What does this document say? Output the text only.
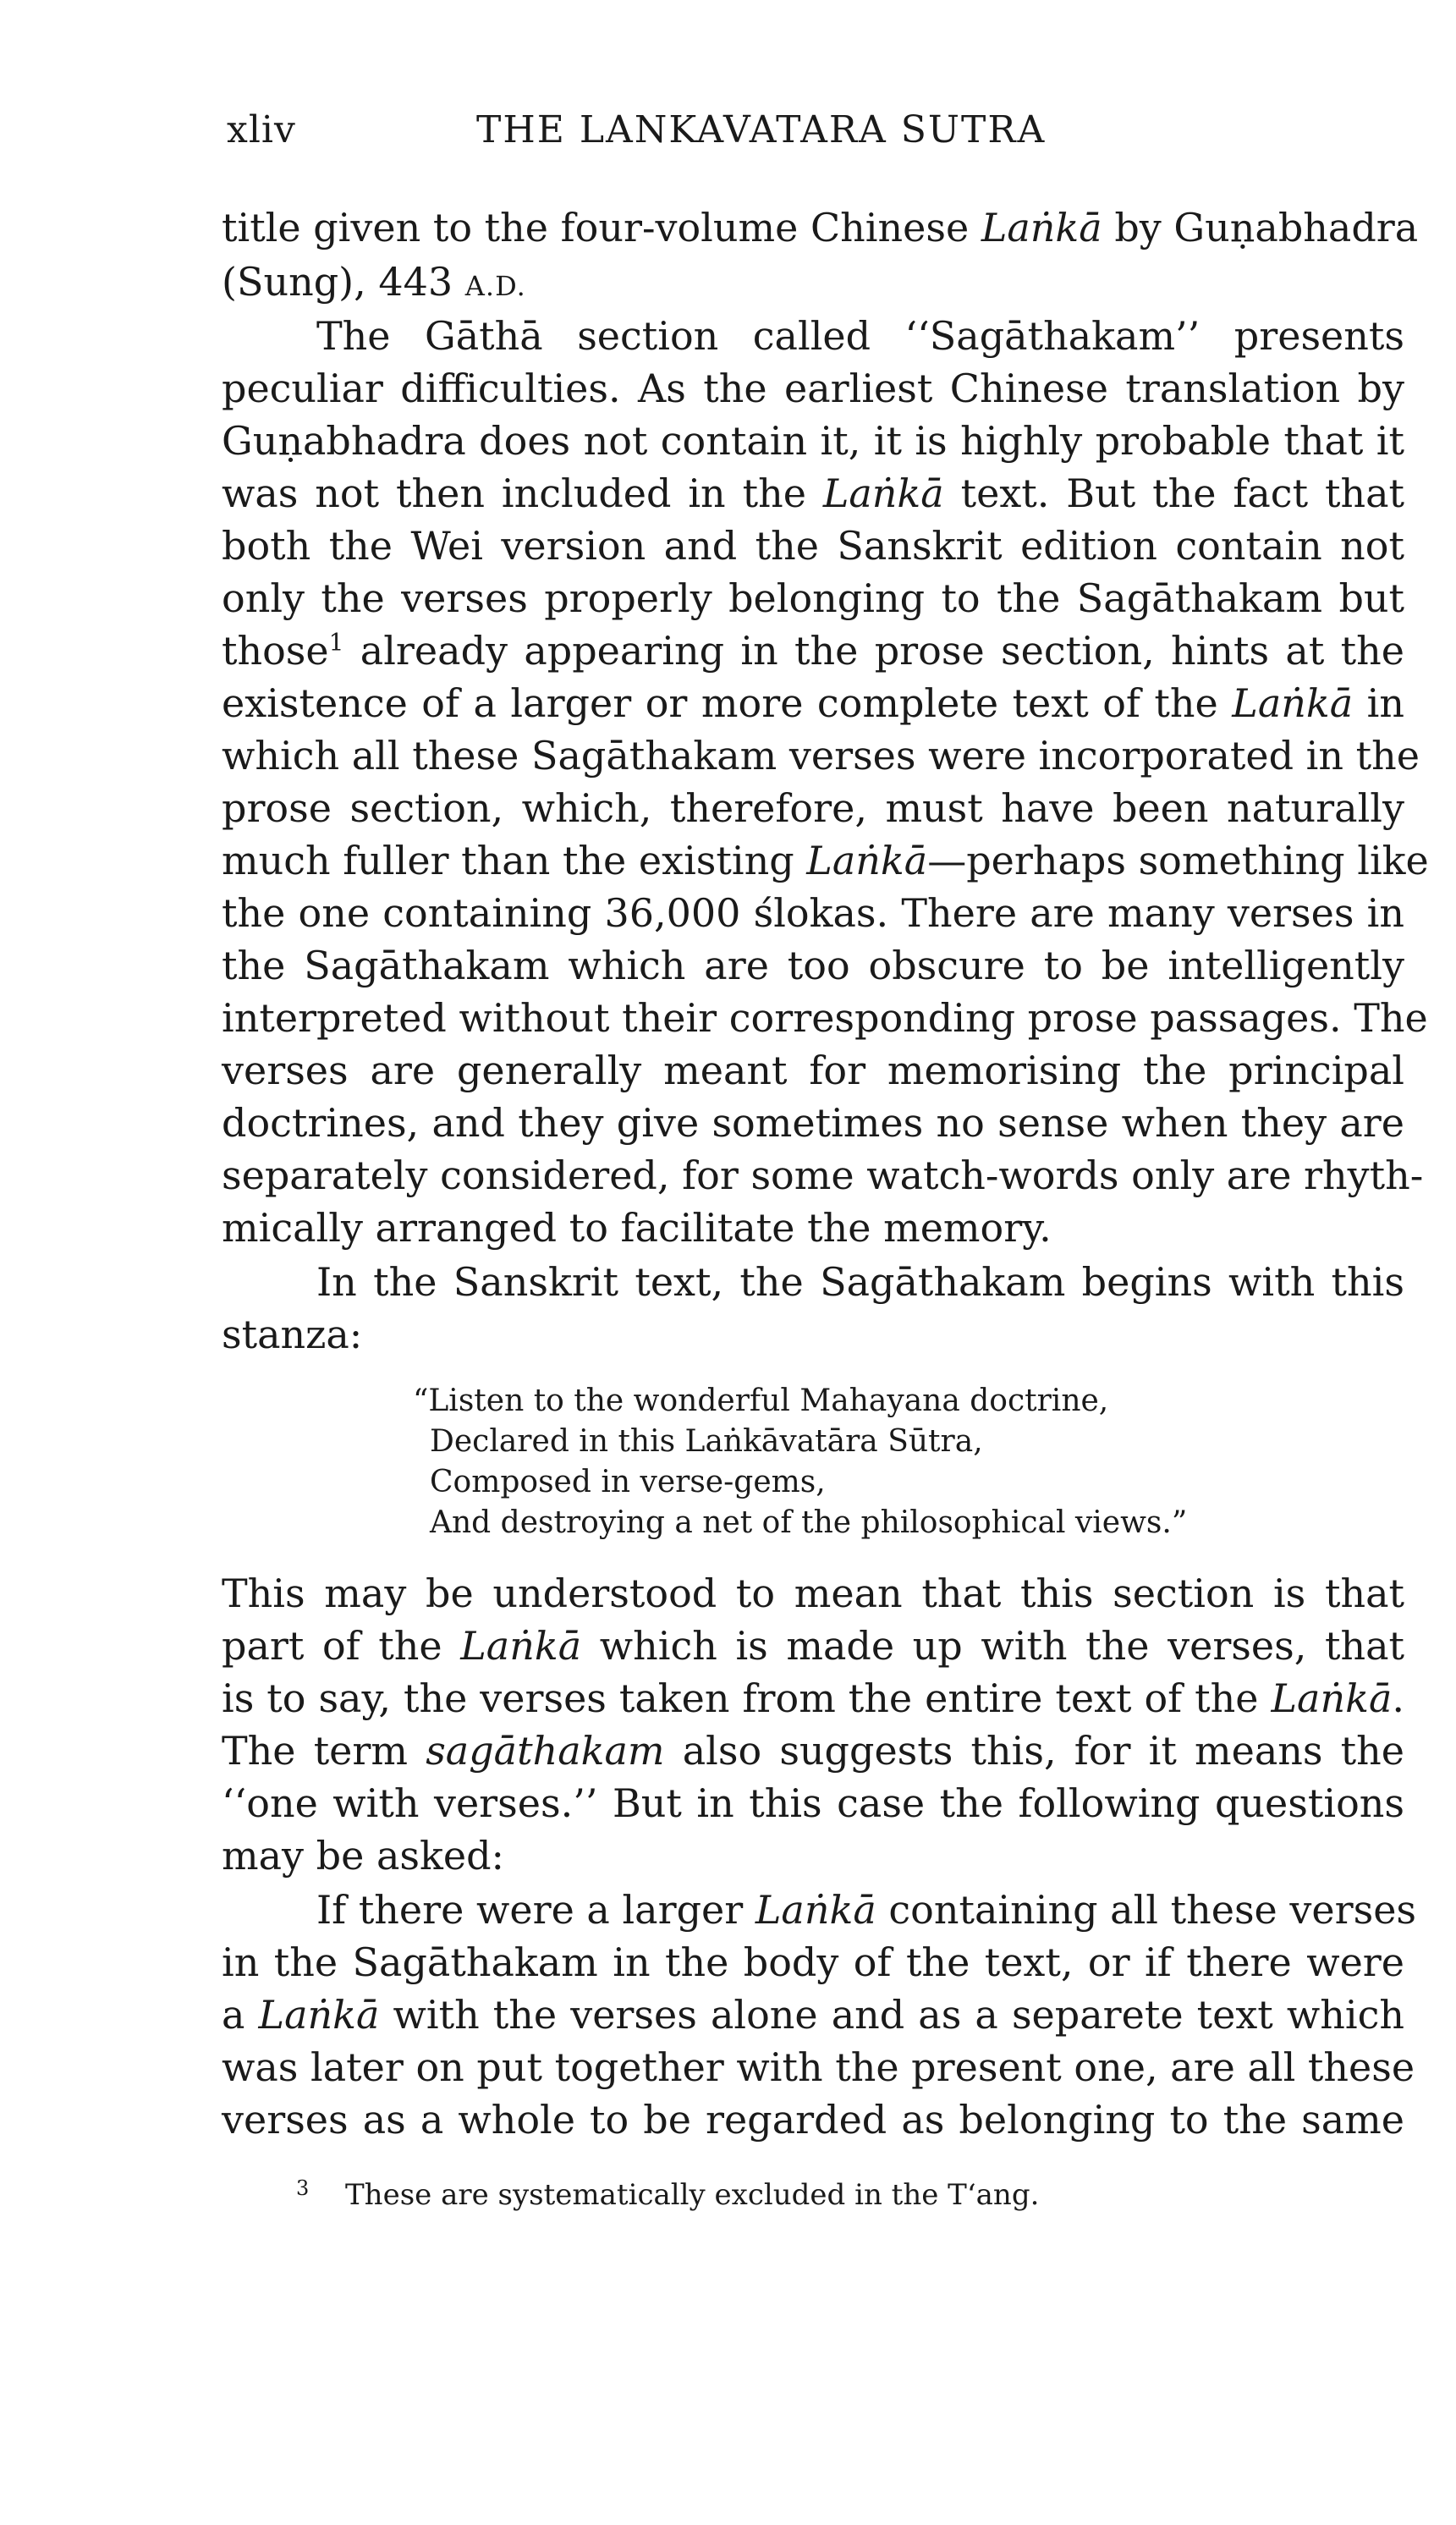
xliv	THE LANKAVATARA SUTRA
title given to the four-volume Chinese Laṅkā by Guṇabhadra
(Sung), 443 A.D.
The Gāthā section called ‘‘Sagāthakam’’ presents
peculiar difficulties. As the earliest Chinese translation by
Guṇabhadra does not contain it, it is highly probable that it
was not then included in the Laṅkā text. But the fact that
both the Wei version and the Sanskrit edition contain not
only the verses properly belonging to the Sagāthakam but
those$^1$ already appearing in the prose section, hints at the
existence of a larger or more complete text of the Laṅkā in
which all these Sagāthakam verses were incorporated in the
prose section, which, therefore, must have been naturally
much fuller than the existing Laṅkā—perhaps something like
the one containing 36,000 ślokas. There are many verses in
the Sagāthakam which are too obscure to be intelligently
interpreted without their corresponding prose passages. The
verses are generally meant for memorising the principal
doctrines, and they give sometimes no sense when they are
separately considered, for some watch-words only are rhyth-
mically arranged to facilitate the memory.
In the Sanskrit text, the Sagāthakam begins with this
stanza:
“Listen to the wonderful Mahayana doctrine,
Declared in this Laṅkāvatāra Sūtra,
Composed in verse-gems,
And destroying a net of the philosophical views.”
This may be understood to mean that this section is that
part of the Laṅkā which is made up with the verses, that
is to say, the verses taken from the entire text of the Laṅkā.
The term sagāthakam also suggests this, for it means the
‘‘one with verses.’’ But in this case the following questions
may be asked:
If there were a larger Laṅkā containing all these verses
in the Sagāthakam in the body of the text, or if there were
a Laṅkā with the verses alone and as a separete text which
was later on put together with the present one, are all these
verses as a whole to be regarded as belonging to the same
3 These are systematically excluded in the T‘ang.
